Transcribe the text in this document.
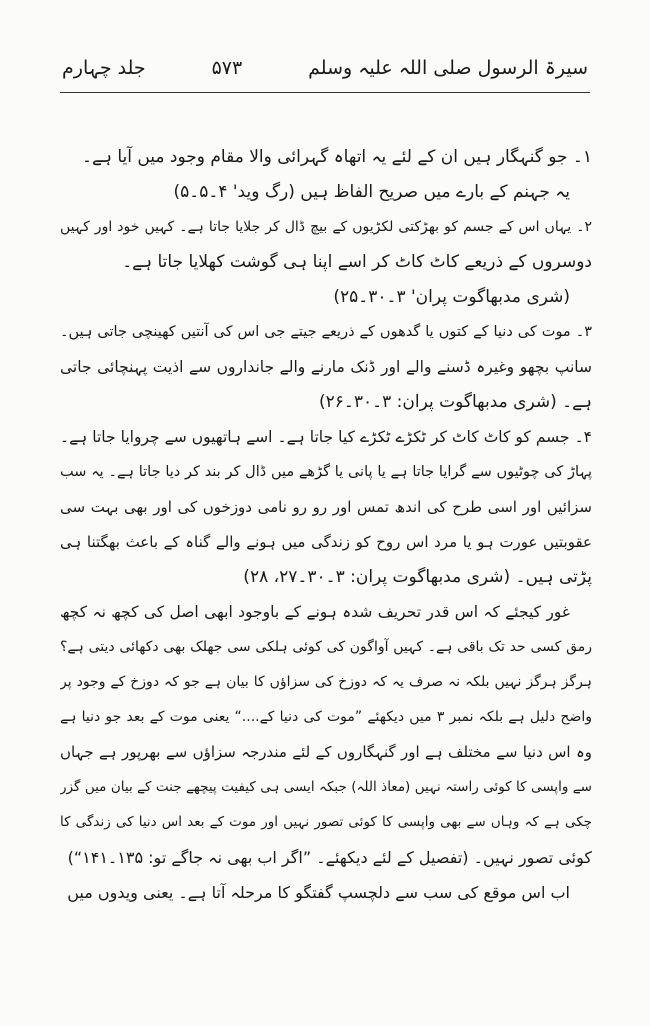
سیرۃ الرسول صلی اللہ علیہ وسلم
۵۷۳
جلد چہارم
۱۔ جو گنہگار ہیں ان کے لئے یہ اتھاہ گہرائی والا مقام وجود میں آیا ہے۔
یہ جہنم کے بارے میں صریح الفاظ ہیں (رگ وید' ۴۔۵۔۵)
۲۔ یہاں اس کے جسم کو بھڑکتی لکڑیوں کے بیچ ڈال کر جلایا جاتا ہے۔ کہیں خود اور کہیں
دوسروں کے ذریعے کاٹ کاٹ کر اسے اپنا ہی گوشت کھلایا جاتا ہے۔
(شری مدبھاگوت پران' ۳۔۳۰۔۲۵)
۳۔ موت کی دنیا کے کتوں یا گدھوں کے ذریعے جیتے جی اس کی آنتیں کھینچی جاتی ہیں۔
سانپ بچھو وغیرہ ڈسنے والے اور ڈنک مارنے والے جانداروں سے اذیت پہنچائی جاتی
ہے۔ (شری مدبھاگوت پران: ۳۔۳۰۔۲۶)
۴۔ جسم کو کاٹ کاٹ کر ٹکڑے ٹکڑے کیا جاتا ہے۔ اسے ہاتھیوں سے چروایا جاتا ہے۔
پہاڑ کی چوٹیوں سے گرایا جاتا ہے یا پانی یا گڑھے میں ڈال کر بند کر دیا جاتا ہے۔ یہ سب
سزائیں اور اسی طرح کی اندھ تمس اور رو رو نامی دوزخوں کی اور بھی بہت سی
عقوبتیں عورت ہو یا مرد اس روح کو زندگی میں ہونے والے گناہ کے باعث بھگتنا ہی
پڑتی ہیں۔ (شری مدبھاگوت پران: ۳۔۳۰۔۲۷، ۲۸)
غور کیجئے کہ اس قدر تحریف شدہ ہونے کے باوجود ابھی اصل کی کچھ نہ کچھ
رمق کسی حد تک باقی ہے۔ کہیں آواگون کی کوئی ہلکی سی جھلک بھی دکھائی دیتی ہے؟
ہرگز ہرگز نہیں بلکہ نہ صرف یہ کہ دوزخ کی سزاؤں کا بیان ہے جو کہ دوزخ کے وجود پر
واضح دلیل ہے بلکہ نمبر ۳ میں دیکھئے ”موت کی دنیا کے....“ یعنی موت کے بعد جو دنیا ہے
وہ اس دنیا سے مختلف ہے اور گنہگاروں کے لئے مندرجہ سزاؤں سے بھرپور ہے جہاں
سے واپسی کا کوئی راستہ نہیں (معاذ اللہ) جبکہ ایسی ہی کیفیت پیچھے جنت کے بیان میں گزر
چکی ہے کہ وہاں سے بھی واپسی کا کوئی تصور نہیں اور موت کے بعد اس دنیا کی زندگی کا
کوئی تصور نہیں۔ (تفصیل کے لئے دیکھئے۔ ”اگر اب بھی نہ جاگے تو: ۱۳۵۔۱۴۱“)
اب اس موقع کی سب سے دلچسپ گفتگو کا مرحلہ آتا ہے۔ یعنی ویدوں میں
